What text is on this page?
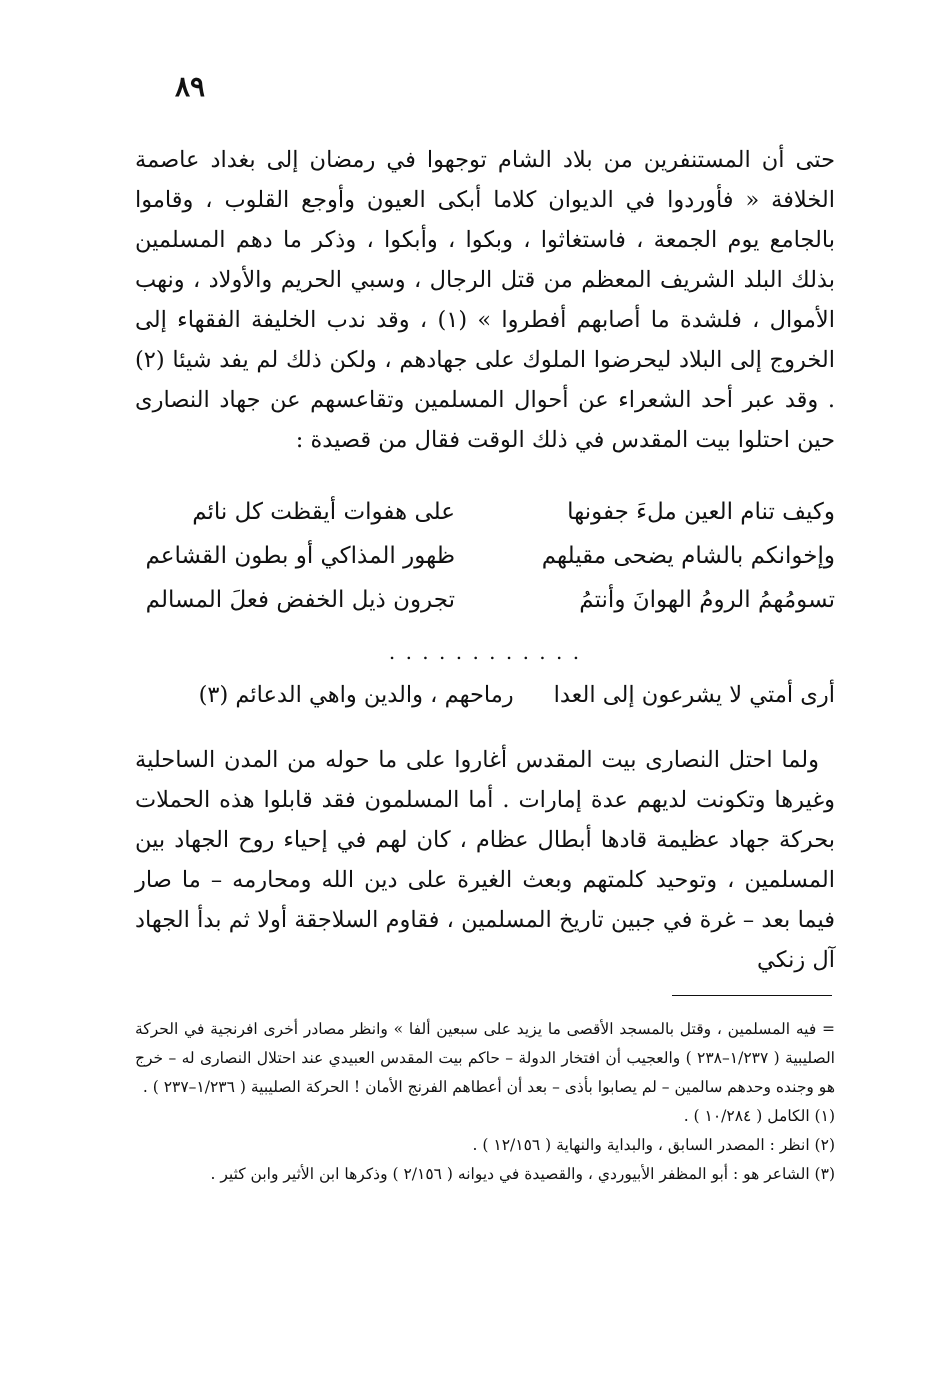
٨٩

حتى أن المستنفرين من بلاد الشام توجهوا في رمضان إلى بغداد عاصمة الخلافة « فأوردوا في الديوان كلاما أبكى العيون وأوجع القلوب ، وقاموا بالجامع يوم الجمعة ، فاستغاثوا ، وبكوا ، وأبكوا ، وذكر ما دهم المسلمين بذلك البلد الشريف المعظم من قتل الرجال ، وسبي الحريم والأولاد ، ونهب الأموال ، فلشدة ما أصابهم أفطروا » (١) ، وقد ندب الخليفة الفقهاء إلى الخروج إلى البلاد ليحرضوا الملوك على جهادهم ، ولكن ذلك لم يفد شيئا (٢) . وقد عبر أحد الشعراء عن أحوال المسلمين وتقاعسهم عن جهاد النصارى حين احتلوا بيت المقدس في ذلك الوقت فقال من قصيدة :

وكيف تنام العين ملءَ جفونها
على هفوات أيقظت كل نائم
وإخوانكم بالشام يضحى مقيلهم
ظهور المذاكي أو بطون القشاعم
تسومُهمُ الرومُ الهوانَ وأنتمُ
تجرون ذيل الخفض فعلَ المسالم
. . . . . . . . . . . .
أرى أمتي لا يشرعون إلى العدا
رماحهم ، والدين واهي الدعائم (٣)

ولما احتل النصارى بيت المقدس أغاروا على ما حوله من المدن الساحلية وغيرها وتكونت لديهم عدة إمارات . أما المسلمون فقد قابلوا هذه الحملات بحركة جهاد عظيمة قادها أبطال عظام ، كان لهم في إحياء روح الجهاد بين المسلمين ، وتوحيد كلمتهم وبعث الغيرة على دين الله ومحارمه – ما صار فيما بعد – غرة في جبين تاريخ المسلمين ، فقاوم السلاجقة أولا ثم بدأ الجهاد آل زنكي

= فيه المسلمين ، وقتل بالمسجد الأقصى ما يزيد على سبعين ألفا » وانظر مصادر أخرى افرنجية في الحركة الصليبية ( ١/٢٣٧–٢٣٨ ) والعجيب أن افتخار الدولة – حاكم بيت المقدس العبيدي عند احتلال النصارى له – خرج هو وجنده وحدهم سالمين – لم يصابوا بأذى – بعد أن أعطاهم الفرنج الأمان ! الحركة الصليبية ( ١/٢٣٦–٢٣٧ ) .

(١) الكامل ( ١٠/٢٨٤ ) .

(٢) انظر : المصدر السابق ، والبداية والنهاية ( ١٢/١٥٦ ) .

(٣) الشاعر هو : أبو المظفر الأبيوردي ، والقصيدة في ديوانه ( ٢/١٥٦ ) وذكرها ابن الأثير وابن كثير .
